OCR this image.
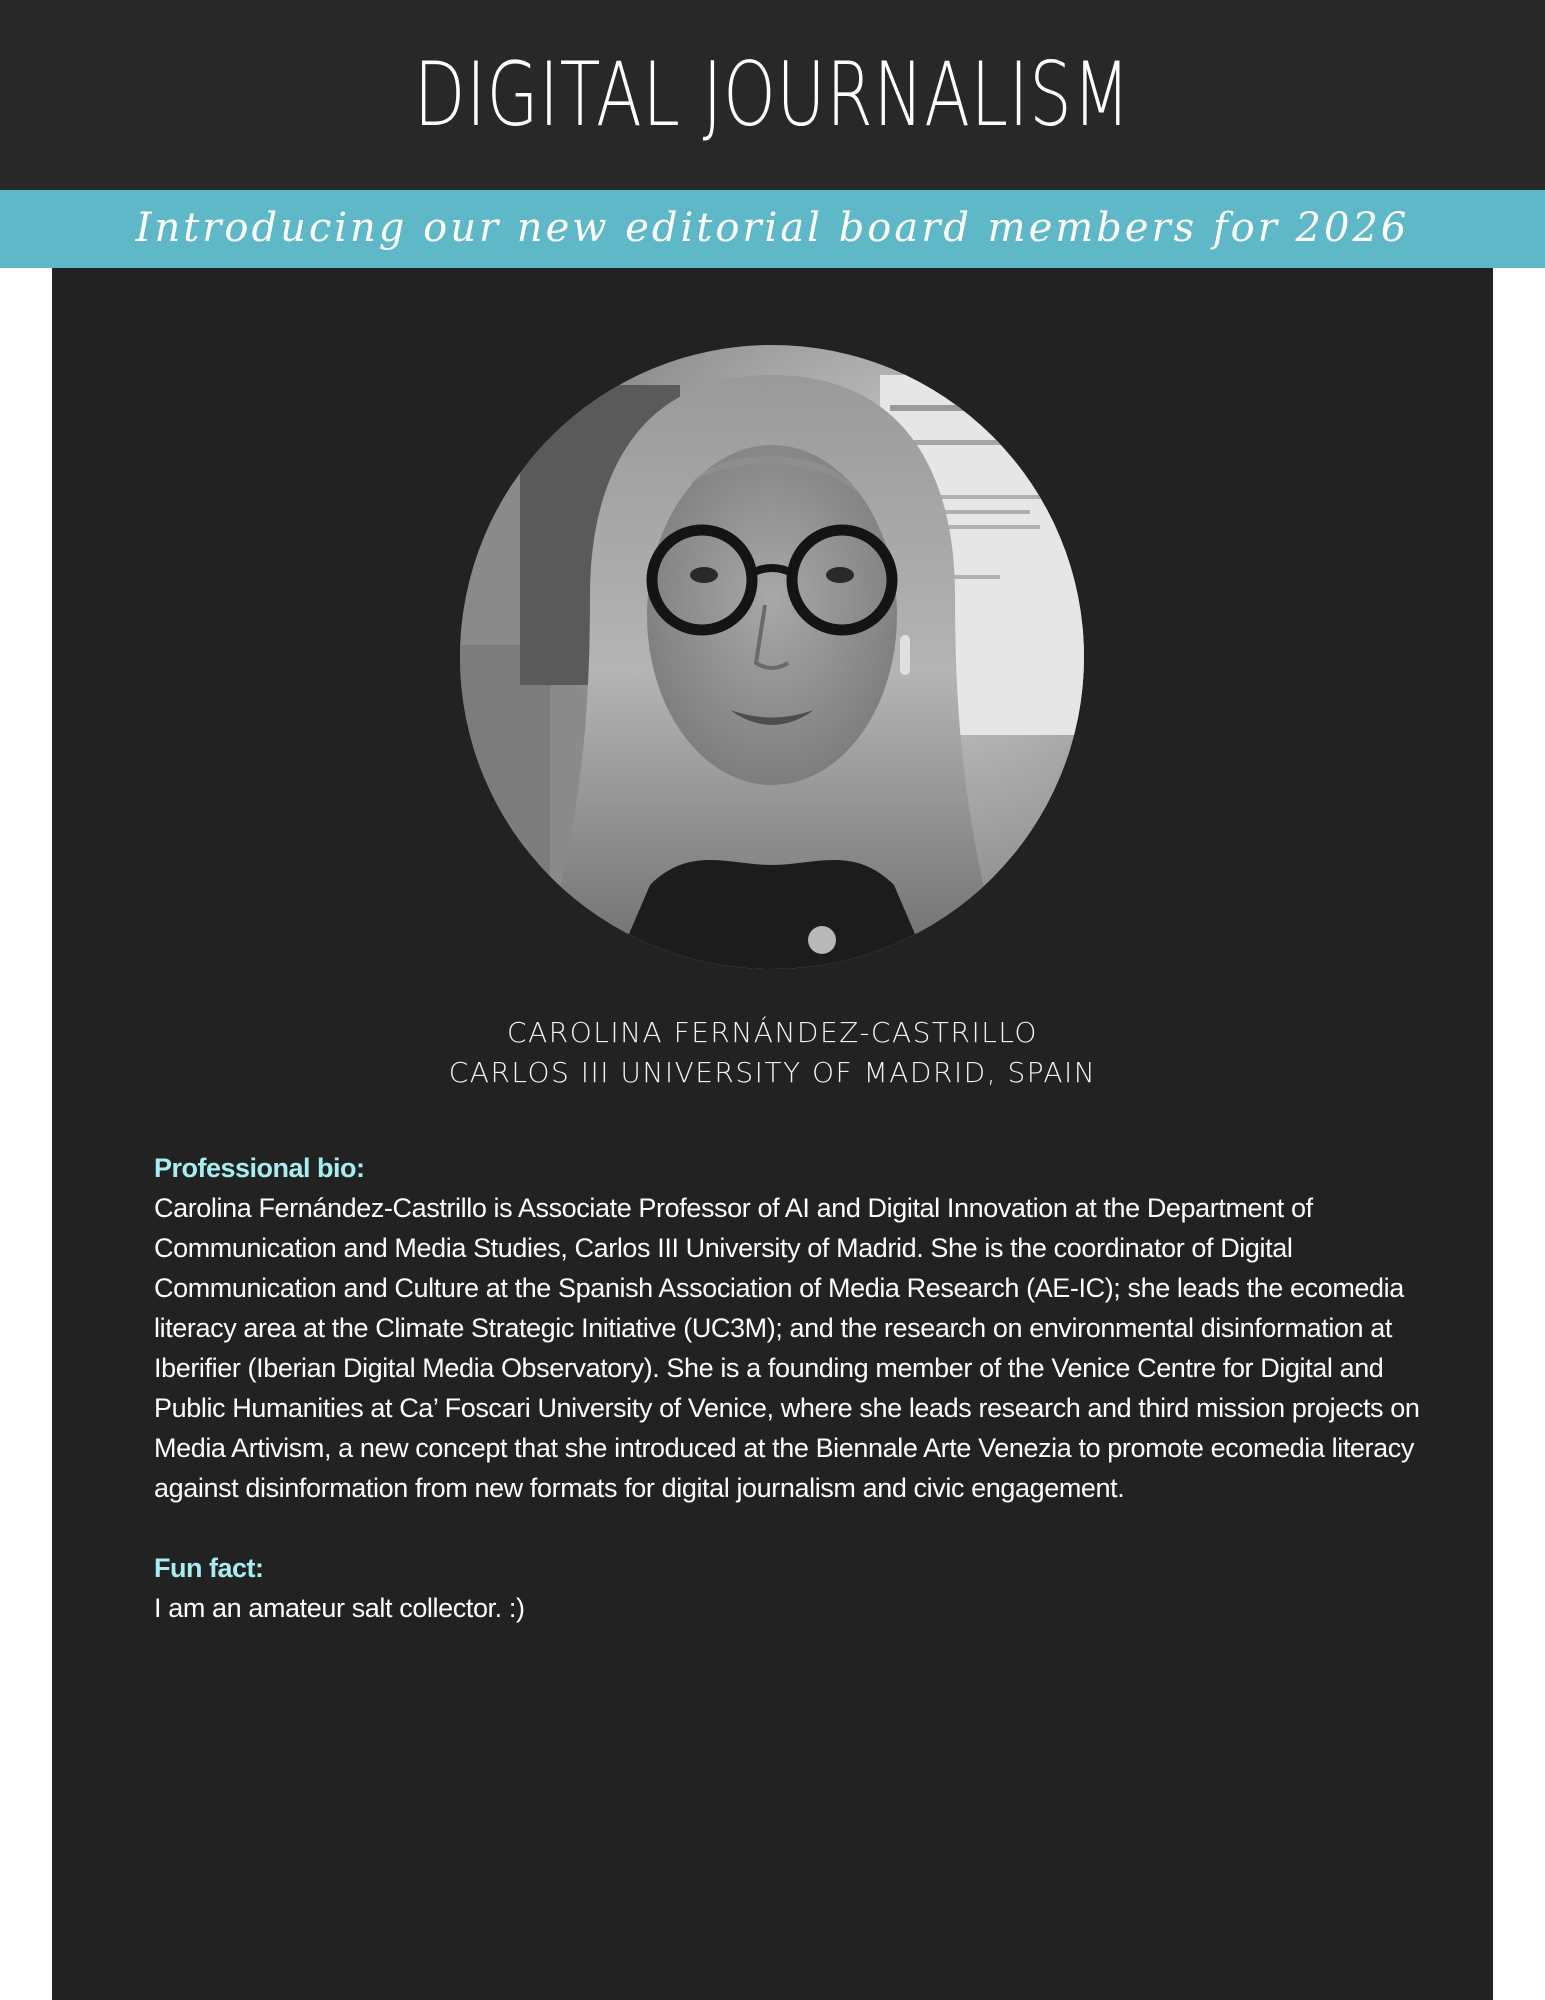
DIGITAL JOURNALISM

Introducing our new editorial board members for 2026

CAROLINA FERNÁNDEZ-CASTRILLO
CARLOS III UNIVERSITY OF MADRID, SPAIN
Professional bio:

Carolina Fernández-Castrillo is Associate Professor of AI and Digital Innovation at the Department of Communication and Media Studies, Carlos III University of Madrid. She is the coordinator of Digital Communication and Culture at the Spanish Association of Media Research (AE-IC); she leads the ecomedia literacy area at the Climate Strategic Initiative (UC3M); and the research on environmental disinformation at Iberifier (Iberian Digital Media Observatory). She is a founding member of the Venice Centre for Digital and Public Humanities at Ca’ Foscari University of Venice, where she leads research and third mission projects on Media Artivism, a new concept that she introduced at the Biennale Arte Venezia to promote ecomedia literacy against disinformation from new formats for digital journalism and civic engagement.

Fun fact:

I am an amateur salt collector. :)
